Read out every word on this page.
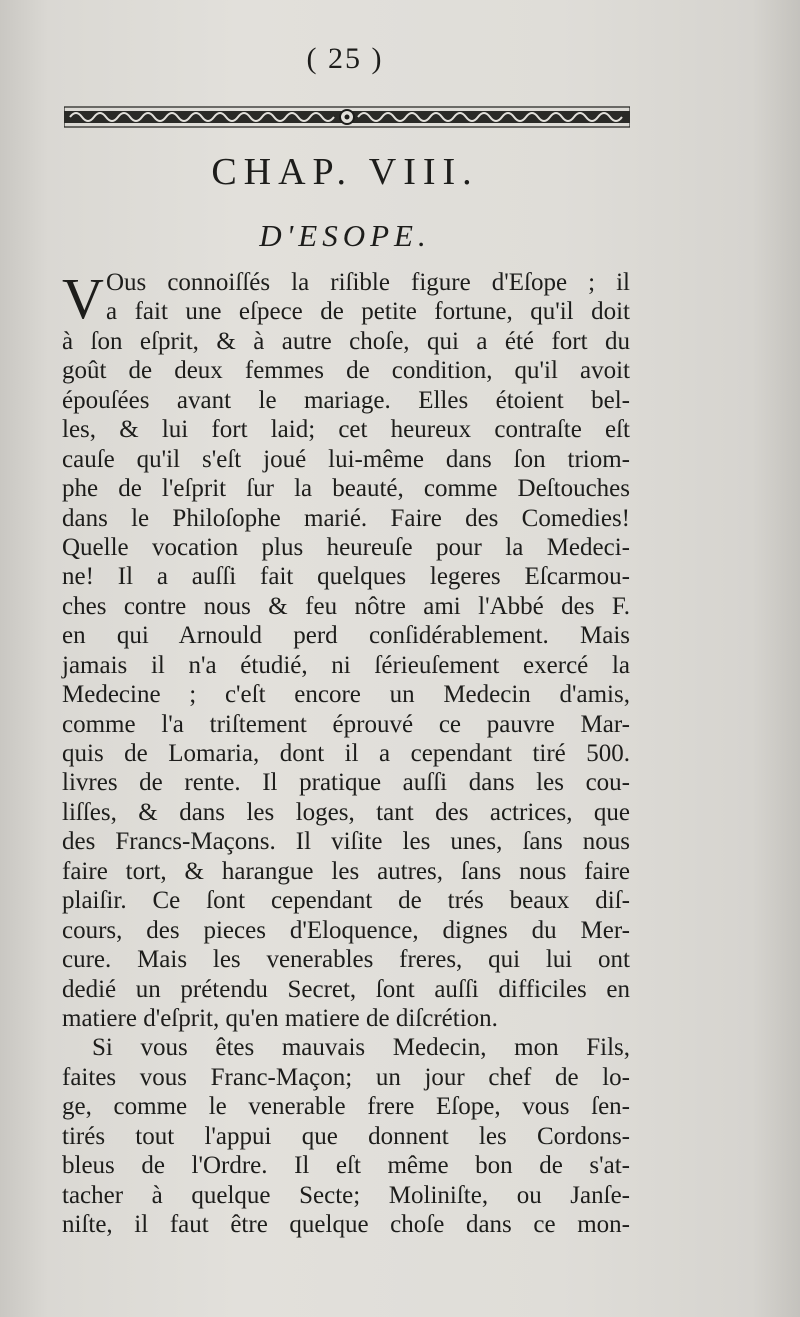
( 25 )
CHAP. VIII.
D'ESOPE.
V Ous connoiſſés la riſible figure d'Eſope ; il
a fait une eſpece de petite fortune, qu'il doit
à ſon eſprit, & à autre choſe, qui a été fort du
goût de deux femmes de condition, qu'il avoit
épouſées avant le mariage. Elles étoient bel-
les, & lui fort laid; cet heureux contraſte eſt
cauſe qu'il s'eſt joué lui-même dans ſon triom-
phe de l'eſprit ſur la beauté, comme Deſtouches
dans le Philoſophe marié. Faire des Comedies!
Quelle vocation plus heureuſe pour la Medeci-
ne! Il a auſſi fait quelques legeres Eſcarmou-
ches contre nous & feu nôtre ami l'Abbé des F.
en qui Arnould perd conſidérablement. Mais
jamais il n'a étudié, ni ſérieuſement exercé la
Medecine ; c'eſt encore un Medecin d'amis,
comme l'a triſtement éprouvé ce pauvre Mar-
quis de Lomaria, dont il a cependant tiré 500.
livres de rente. Il pratique auſſi dans les cou-
liſſes, & dans les loges, tant des actrices, que
des Francs-Maçons. Il viſite les unes, ſans nous
faire tort, & harangue les autres, ſans nous faire
plaiſir. Ce ſont cependant de trés beaux diſ-
cours, des pieces d'Eloquence, dignes du Mer-
cure. Mais les venerables freres, qui lui ont
dedié un prétendu Secret, ſont auſſi difficiles en
matiere d'eſprit, qu'en matiere de diſcrétion.
Si vous êtes mauvais Medecin, mon Fils,
faites vous Franc-Maçon; un jour chef de lo-
ge, comme le venerable frere Eſope, vous ſen-
tirés tout l'appui que donnent les Cordons-
bleus de l'Ordre. Il eſt même bon de s'at-
tacher à quelque Secte; Moliniſte, ou Janſe-
niſte, il faut être quelque choſe dans ce mon-
